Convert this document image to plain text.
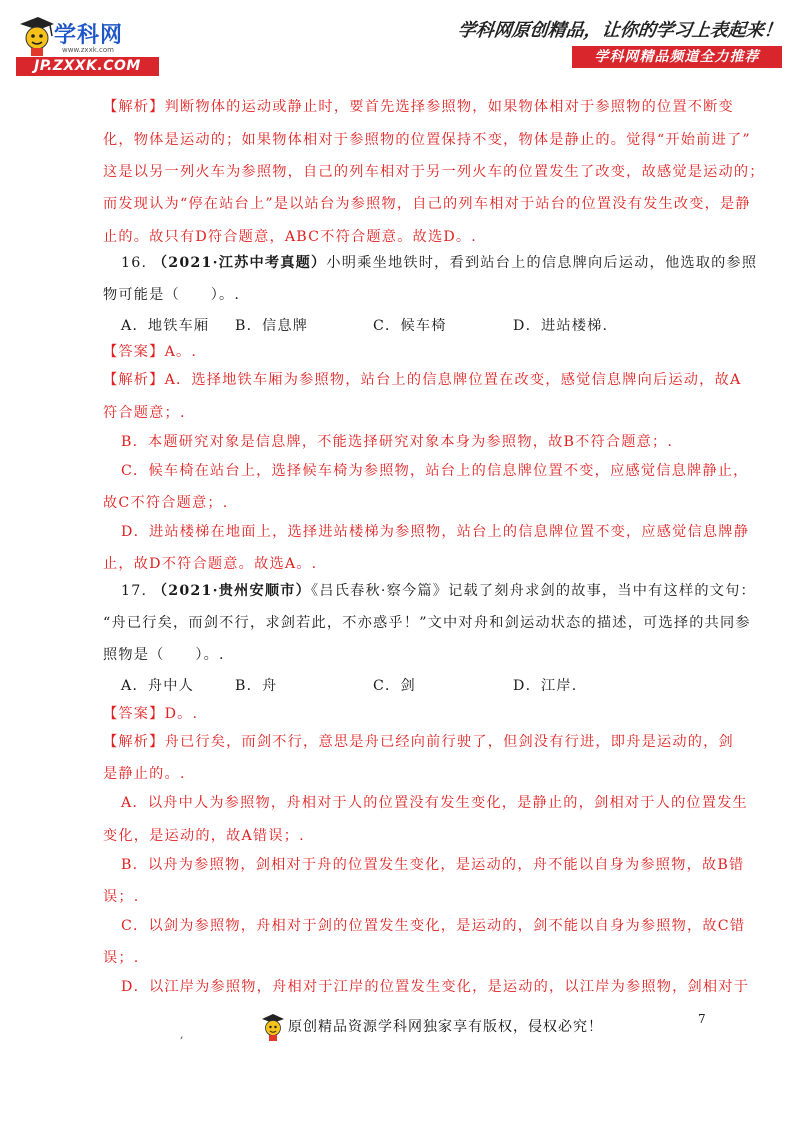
学科网
www.zxxk.com
JP.ZXXK.COM
学科网原创精品，让你的学习上表起来！
学科网精品频道全力推荐
【解析】判断物体的运动或静止时，要首先选择参照物，如果物体相对于参照物的位置不断变
化，物体是运动的；如果物体相对于参照物的位置保持不变，物体是静止的。觉得“开始前进了”
这是以另一列火车为参照物，自己的列车相对于另一列火车的位置发生了改变，故感觉是运动的；
而发现认为“停在站台上”是以站台为参照物，自己的列车相对于站台的位置没有发生改变，是静
止的。故只有D符合题意，ABC不符合题意。故选D。.
16. （2021·江苏中考真题）小明乘坐地铁时，看到站台上的信息牌向后运动，他选取的参照
物可能是（　　）。.
A．地铁车厢 B．信息牌	C．候车椅	D．进站楼梯.
【答案】A。.
【解析】A．选择地铁车厢为参照物，站台上的信息牌位置在改变，感觉信息牌向后运动，故A
符合题意；.
B．本题研究对象是信息牌，不能选择研究对象本身为参照物，故B不符合题意；.
C．候车椅在站台上，选择候车椅为参照物，站台上的信息牌位置不变，应感觉信息牌静止，
故C不符合题意；.
D．进站楼梯在地面上，选择进站楼梯为参照物，站台上的信息牌位置不变，应感觉信息牌静
止，故D不符合题意。故选A。.
17. （2021·贵州安顺市）《吕氏春秋·察今篇》记载了刻舟求剑的故事，当中有这样的文句：
“舟已行矣，而剑不行，求剑若此，不亦惑乎！”文中对舟和剑运动状态的描述，可选择的共同参
照物是（　　）。.
A．舟中人	B．舟	C．剑	D．江岸.
【答案】D。.
【解析】舟已行矣，而剑不行，意思是舟已经向前行驶了，但剑没有行进，即舟是运动的，剑
是静止的。.
A．以舟中人为参照物，舟相对于人的位置没有发生变化，是静止的，剑相对于人的位置发生
变化，是运动的，故A错误；.
B．以舟为参照物，剑相对于舟的位置发生变化，是运动的，舟不能以自身为参照物，故B错
误；.
C．以剑为参照物，舟相对于剑的位置发生变化，是运动的，剑不能以自身为参照物，故C错
误；.
D．以江岸为参照物，舟相对于江岸的位置发生变化，是运动的，以江岸为参照物，剑相对于
7
,	原创精品资源学科网独家享有版权，侵权必究！
